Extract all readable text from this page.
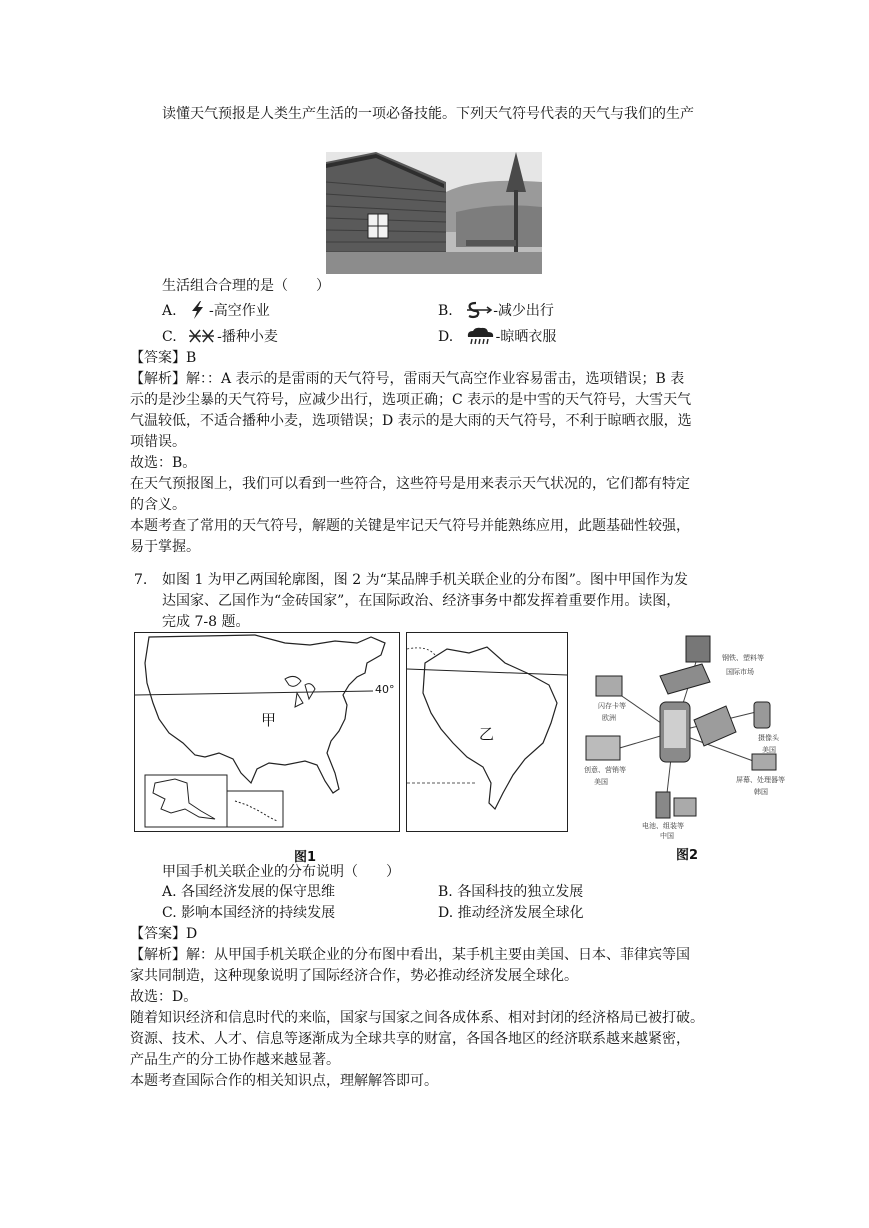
读懂天气预报是人类生产生活的一项必备技能。下列天气符号代表的天气与我们的生产
生活组合合理的是（　　）
A. -高空作业	B.	-减少出行
C.	-播种小麦	D.	-晾晒衣服
【答案】B
【解析】解：：A 表示的是雷雨的天气符号，雷雨天气高空作业容易雷击，选项错误；B 表
示的是沙尘暴的天气符号，应减少出行，选项正确；C 表示的是中雪的天气符号，大雪天气
气温较低，不适合播种小麦，选项错误；D 表示的是大雨的天气符号，不利于晾晒衣服，选
项错误。
故选：B。
在天气预报图上，我们可以看到一些符合，这些符号是用来表示天气状况的，它们都有特定
的含义。
本题考查了常用的天气符号，解题的关键是牢记天气符号并能熟练应用，此题基础性较强，
易于掌握。
7. 如图 1 为甲乙两国轮廓图，图 2 为“某品牌手机关联企业的分布图”。图中甲国作为发
达国家、乙国作为“金砖国家”，在国际政治、经济事务中都发挥着重要作用。读图，
完成 7-8 题。
40°
甲
乙
钢铁、塑料等
国际市场
闪存卡等
欧洲
摄像头
美国
创意、营销等
美国	屏幕、处理器等
韩国
电池、组装等
中国
图1	图2
甲国手机关联企业的分布说明（　　）
A. 各国经济发展的保守思维	B. 各国科技的独立发展
C. 影响本国经济的持续发展	D. 推动经济发展全球化
【答案】D
【解析】解：从甲国手机关联企业的分布图中看出，某手机主要由美国、日本、菲律宾等国
家共同制造，这种现象说明了国际经济合作，势必推动经济发展全球化。
故选：D。
随着知识经济和信息时代的来临，国家与国家之间各成体系、相对封闭的经济格局已被打破。
资源、技术、人才、信息等逐渐成为全球共享的财富，各国各地区的经济联系越来越紧密，
产品生产的分工协作越来越显著。
本题考查国际合作的相关知识点，理解解答即可。
